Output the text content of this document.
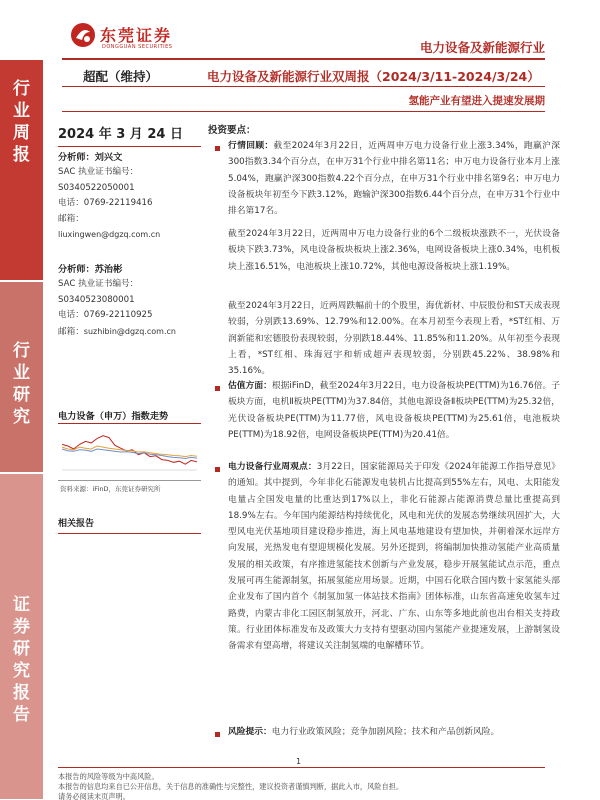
东莞证券
DONGGUAN SECURITIES	电力设备及新能源行业
行业周报
行业研究
证券研究报告
超配（维持）	电力设备及新能源行业双周报（2024/3/11-2024/3/24）
氢能产业有望进入提速发展期
2024 年 3 月 24 日
分析师：刘兴文
SAC 执业证书编号：
S0340522050001
电话：0769-22119416
邮箱：
liuxingwen@dgzq.com.cn
分析师：苏治彬
SAC 执业证书编号：
S0340523080001
电话：0769-22110925
邮箱：suzhibin@dgzq.com.cn
电力设备（申万）指数走势
资料来源：iFinD，东莞证券研究所
相关报告
投资要点：
行情回顾：截至2024年3月22日，近两周申万电力设备行业上涨3.34%，跑赢沪深300指数3.34个百分点，在申万31个行业中排名第11名；申万电力设备行业本月上涨5.04%，跑赢沪深300指数4.22个百分点，在申万31个行业中排名第9名；申万电力设备板块年初至今下跌3.12%，跑输沪深300指数6.44个百分点，在申万31个行业中排名第17名。
截至2024年3月22日，近两周申万电力设备行业的6个二级板块涨跌不一，光伏设备板块下跌3.73%，风电设备板块板块上涨2.36%，电网设备板块上涨0.34%，电机板块上涨16.51%，电池板块上涨10.72%，其他电源设备板块上涨1.19%。
截至2024年3月22日，近两周跌幅前十的个股里，海优新材、中辰股份和ST天成表现较弱，分别跌13.69%、12.79%和12.00%。在本月初至今表现上看，*ST红相、万润新能和宏德股份表现较弱，分别跌18.44%、11.85%和11.20%。从年初至今表现上看，*ST红相、珠海冠宇和斩成超声表现较弱，分别跌45.22%、38.98%和35.16%。
估值方面：根据iFinD，截至2024年3月22日，电力设备板块PE(TTM)为16.76倍。子板块方面，电机Ⅱ板块PE(TTM)为37.84倍，其他电源设备Ⅱ板块PE(TTM)为25.32倍，光伏设备板块PE(TTM)为11.77倍，风电设备板块PE(TTM)为25.61倍，电池板块PE(TTM)为18.92倍，电网设备板块PE(TTM)为20.41倍。
电力设备行业周观点：3月22日，国家能源局关于印发《2024年能源工作指导意见》的通知。其中提到，今年非化石能源发电装机占比提高到55%左右，风电、太阳能发电量占全国发电量的比重达到17%以上，非化石能源占能源消费总量比重提高到18.9%左右。今年国内能源结构持续优化，风电和光伏的发展态势继续巩固扩大，大型风电光伏基地项目建设稳步推进，海上风电基地建设有望加快，并朝着深水远岸方向发展，光热发电有望迎规模化发展。另外还提到，将编制加快推动氢能产业高质量发展的相关政策，有序推进氢能技术创新与产业发展，稳步开展氢能试点示范，重点发展可再生能源制氢，拓展氢能应用场景。近期，中国石化联合国内数十家氢能头部企业发布了国内首个《制氢加氢一体站技术指南》团体标准，山东省高速免收氢车过路费，内蒙古非化工园区制氢放开，河北、广东、山东等多地此前也出台相关支持政策。行业团体标准发布及政策大力支持有望驱动国内氢能产业提速发展，上游制氢设备需求有望高增，将建议关注制氢端的电解槽环节。
风险提示：电力行业政策风险；竞争加剧风险；技术和产品创新风险。
1
本报告的风险等级为中高风险。
本报告的信息均来自已公开信息，关于信息的准确性与完整性，建议投资者谨慎判断，据此入市，风险自担。
请务必阅读末页声明。
